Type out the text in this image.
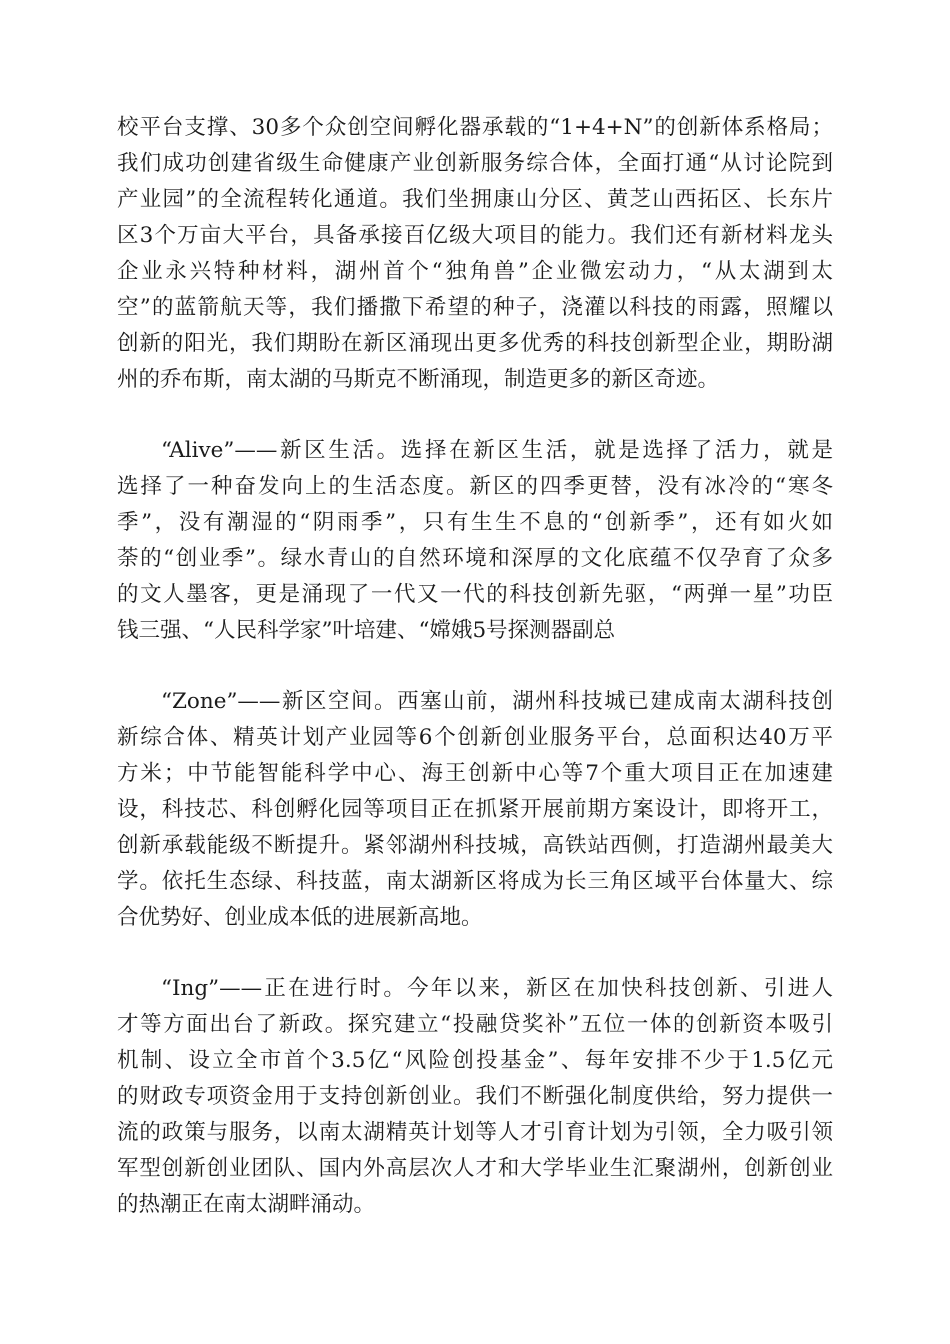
校平台支撑、30多个众创空间孵化器承载的“1+4+N”的创新体系格局；
我们成功创建省级生命健康产业创新服务综合体，全面打通“从讨论院到
产业园”的全流程转化通道。我们坐拥康山分区、黄芝山西拓区、长东片
区3个万亩大平台，具备承接百亿级大项目的能力。我们还有新材料龙头
企业永兴特种材料，湖州首个“独角兽”企业微宏动力，“从太湖到太
空”的蓝箭航天等，我们播撒下希望的种子，浇灌以科技的雨露，照耀以
创新的阳光，我们期盼在新区涌现出更多优秀的科技创新型企业，期盼湖
州的乔布斯，南太湖的马斯克不断涌现，制造更多的新区奇迹。
“Alive”——新区生活。选择在新区生活，就是选择了活力，就是
选择了一种奋发向上的生活态度。新区的四季更替，没有冰冷的“寒冬
季”，没有潮湿的“阴雨季”，只有生生不息的“创新季”，还有如火如
荼的“创业季”。绿水青山的自然环境和深厚的文化底蕴不仅孕育了众多
的文人墨客，更是涌现了一代又一代的科技创新先驱，“两弹一星”功臣
钱三强、“人民科学家”叶培建、“嫦娥5号探测器副总
“Zone”——新区空间。西塞山前，湖州科技城已建成南太湖科技创
新综合体、精英计划产业园等6个创新创业服务平台，总面积达40万平
方米；中节能智能科学中心、海王创新中心等7个重大项目正在加速建
设，科技芯、科创孵化园等项目正在抓紧开展前期方案设计，即将开工，
创新承载能级不断提升。紧邻湖州科技城，高铁站西侧，打造湖州最美大
学。依托生态绿、科技蓝，南太湖新区将成为长三角区域平台体量大、综
合优势好、创业成本低的进展新高地。
“Ing”——正在进行时。今年以来，新区在加快科技创新、引进人
才等方面出台了新政。探究建立“投融贷奖补”五位一体的创新资本吸引
机制、设立全市首个3.5亿“风险创投基金”、每年安排不少于1.5亿元
的财政专项资金用于支持创新创业。我们不断强化制度供给，努力提供一
流的政策与服务，以南太湖精英计划等人才引育计划为引领，全力吸引领
军型创新创业团队、国内外高层次人才和大学毕业生汇聚湖州，创新创业
的热潮正在南太湖畔涌动。
